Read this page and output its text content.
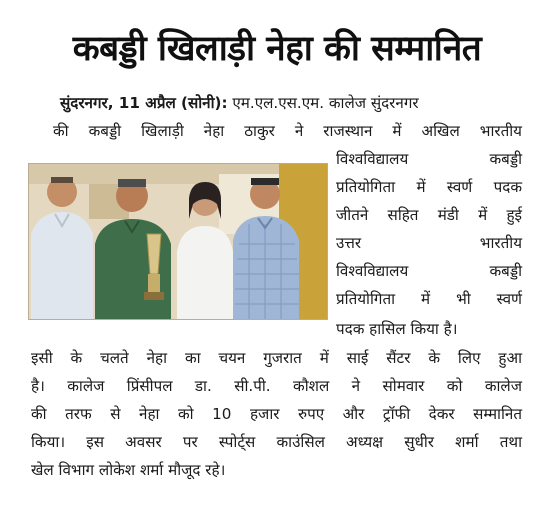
कबड्डी खिलाड़ी नेहा की सम्मानित
सुंदरनगर, 11 अप्रैल (सोनी): एम.एल.एस.एम. कालेज सुंदरनगर
की कबड्डी खिलाड़ी नेहा ठाकुर ने राजस्थान में अखिल भारतीय
विश्वविद्यालय कबड्डी
प्रतियोगिता में स्वर्ण पदक
जीतने सहित मंडी में हुई
उत्तर भारतीय
विश्वविद्यालय कबड्डी
प्रतियोगिता में भी स्वर्ण
पदक हासिल किया है।
इसी के चलते नेहा का चयन गुजरात में साई सैंटर के लिए हुआ
है। कालेज प्रिंसीपल डा. सी.पी. कौशल ने सोमवार को कालेज
की तरफ से नेहा को 10 हजार रुपए और ट्रॉफी देकर सम्मानित
किया। इस अवसर पर स्पोर्ट्स काउंसिल अध्यक्ष सुधीर शर्मा तथा
खेल विभाग लोकेश शर्मा मौजूद रहे।
